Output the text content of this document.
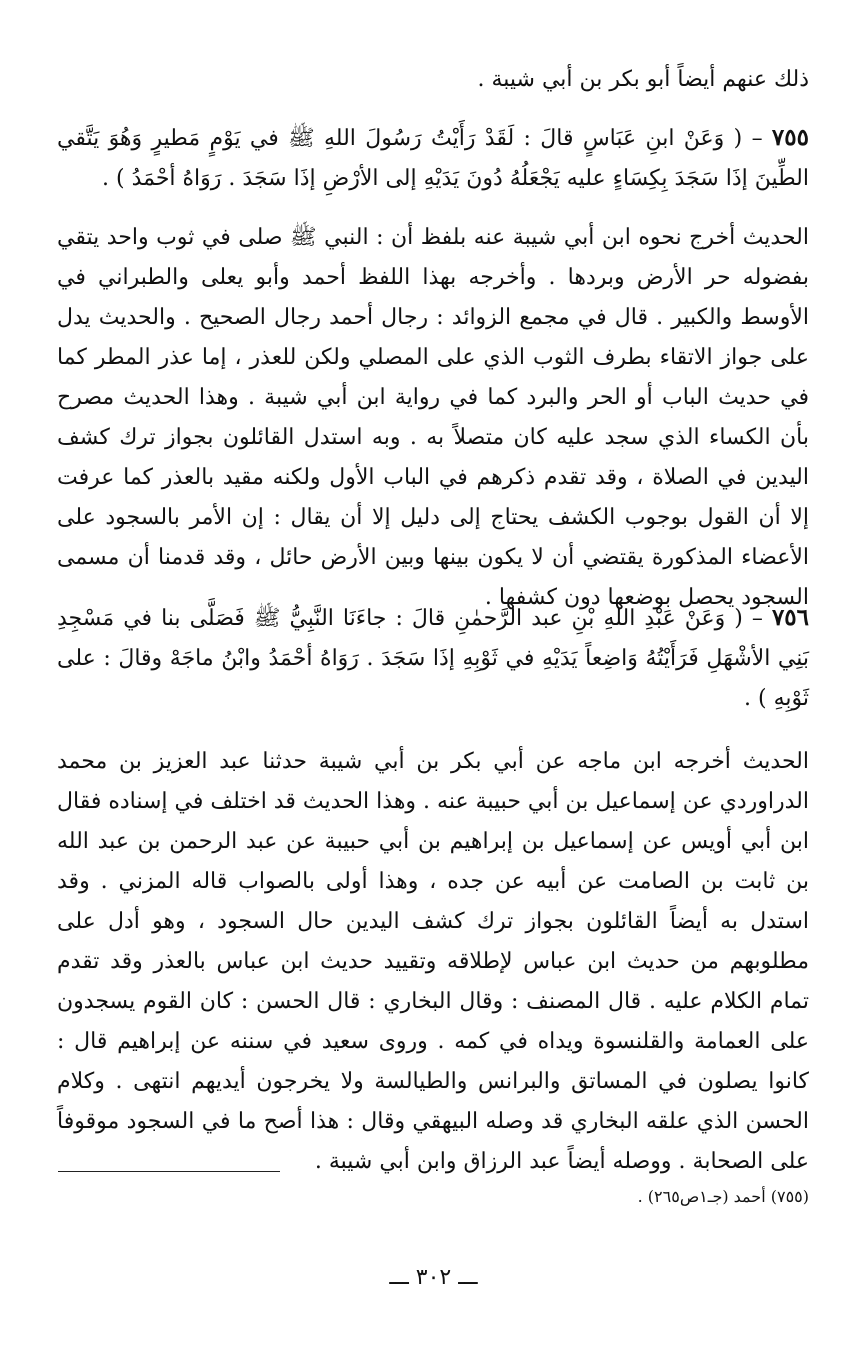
ذلك عنهم أيضاً أبو بكر بن أبي شيبة .
٧٥٥ – ( وَعَنْ ابنِ عَبَاسٍ قالَ : لَقَدْ رَأَيْتُ رَسُولَ اللهِ ﷺ في يَوْمٍ مَطيرٍ وَهُوَ يَتَّقي الطِّينَ إذَا سَجَدَ بِكِسَاءٍ عليه يَجْعَلُهُ دُونَ يَدَيْهِ إلى الأرْضِ إذَا سَجَدَ . رَوَاهُ أحْمَدُ ) .
الحديث أخرج نحوه ابن أبي شيبة عنه بلفظ أن : النبي ﷺ صلى في ثوب واحد يتقي بفضوله حر الأرض وبردها . وأخرجه بهذا اللفظ أحمد وأبو يعلى والطبراني في الأوسط والكبير . قال في مجمع الزوائد : رجال أحمد رجال الصحيح . والحديث يدل على جواز الاتقاء بطرف الثوب الذي على المصلي ولكن للعذر ، إما عذر المطر كما في حديث الباب أو الحر والبرد كما في رواية ابن أبي شيبة . وهذا الحديث مصرح بأن الكساء الذي سجد عليه كان متصلاً به . وبه استدل القائلون بجواز ترك كشف اليدين في الصلاة ، وقد تقدم ذكرهم في الباب الأول ولكنه مقيد بالعذر كما عرفت إلا أن القول بوجوب الكشف يحتاج إلى دليل إلا أن يقال : إن الأمر بالسجود على الأعضاء المذكورة يقتضي أن لا يكون بينها وبين الأرض حائل ، وقد قدمنا أن مسمى السجود يحصل بوضعها دون كشفها .
٧٥٦ – ( وَعَنْ عَبْدِ اللهِ بْنِ عبد الرَّحمٰنِ قالَ : جاءَنَا النَّبِيُّ ﷺ فَصَلَّى بنا في مَسْجِدِ بَنِي الأشْهَلِ فَرَأَيْتُهُ وَاضِعاً يَدَيْهِ في ثَوْبِهِ إذَا سَجَدَ . رَوَاهُ أحْمَدُ وابْنُ ماجَهْ وقالَ : على ثَوْبِهِ ) .
الحديث أخرجه ابن ماجه عن أبي بكر بن أبي شيبة حدثنا عبد العزيز بن محمد الدراوردي عن إسماعيل بن أبي حبيبة عنه . وهذا الحديث قد اختلف في إسناده فقال ابن أبي أويس عن إسماعيل بن إبراهيم بن أبي حبيبة عن عبد الرحمن بن عبد الله بن ثابت بن الصامت عن أبيه عن جده ، وهذا أولى بالصواب قاله المزني . وقد استدل به أيضاً القائلون بجواز ترك كشف اليدين حال السجود ، وهو أدل على مطلوبهم من حديث ابن عباس لإطلاقه وتقييد حديث ابن عباس بالعذر وقد تقدم تمام الكلام عليه . قال المصنف : وقال البخاري : قال الحسن : كان القوم يسجدون على العمامة والقلنسوة ويداه في كمه . وروى سعيد في سننه عن إبراهيم قال : كانوا يصلون في المساتق والبرانس والطيالسة ولا يخرجون أيديهم انتهى . وكلام الحسن الذي علقه البخاري قد وصله البيهقي وقال : هذا أصح ما في السجود موقوفاً على الصحابة . ووصله أيضاً عبد الرزاق وابن أبي شيبة .
(٧٥٥) أحمد (جـ١ص٢٦٥) .
ـــ ٣٠٢ ـــ
